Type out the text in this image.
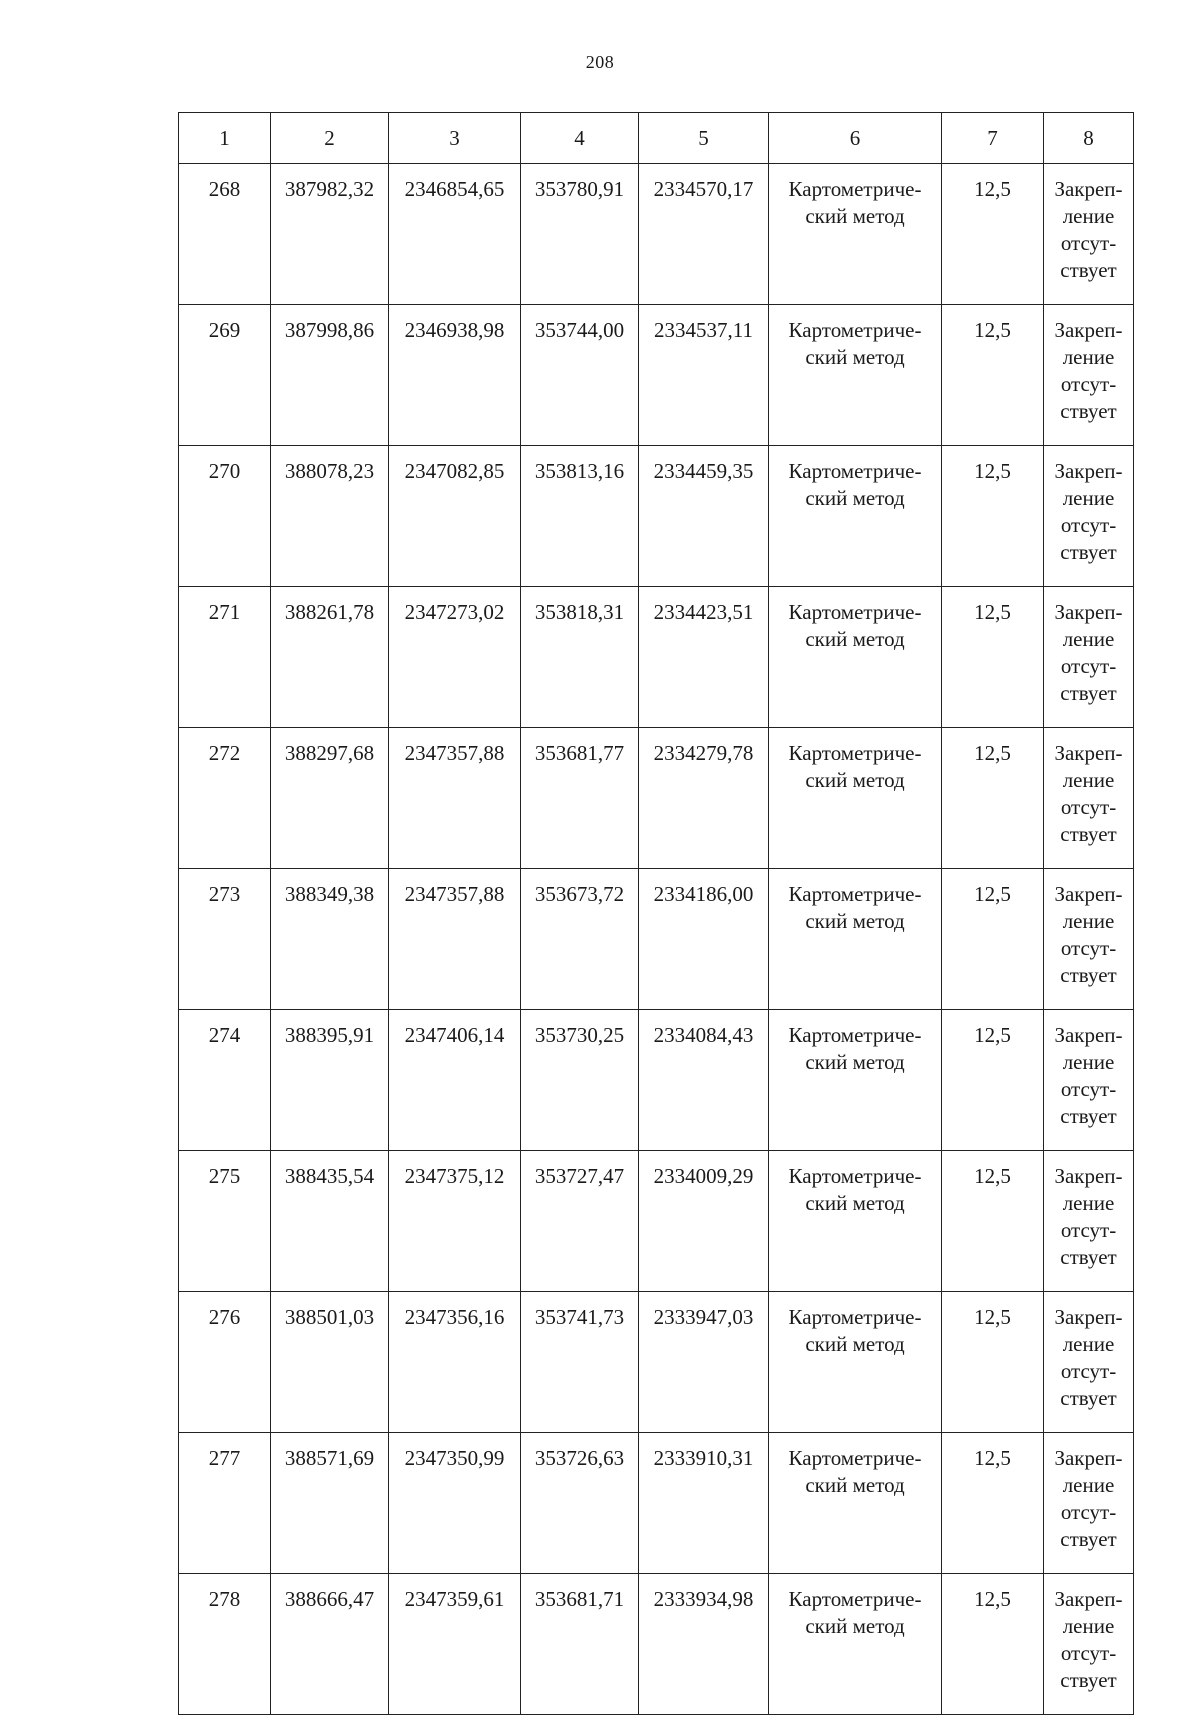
208
1	2	3	4	5	6	7	8
268	387982,32	2346854,65	353780,91	2334570,17	Картометриче-
ский метод	12,5	Закреп-
ление
отсут-
ствует

269	387998,86	2346938,98	353744,00	2334537,11	Картометриче-
ский метод	12,5	Закреп-
ление
отсут-
ствует

270	388078,23	2347082,85	353813,16	2334459,35	Картометриче-
ский метод	12,5	Закреп-
ление
отсут-
ствует

271	388261,78	2347273,02	353818,31	2334423,51	Картометриче-
ский метод	12,5	Закреп-
ление
отсут-
ствует

272	388297,68	2347357,88	353681,77	2334279,78	Картометриче-
ский метод	12,5	Закреп-
ление
отсут-
ствует

273	388349,38	2347357,88	353673,72	2334186,00	Картометриче-
ский метод	12,5	Закреп-
ление
отсут-
ствует

274	388395,91	2347406,14	353730,25	2334084,43	Картометриче-
ский метод	12,5	Закреп-
ление
отсут-
ствует

275	388435,54	2347375,12	353727,47	2334009,29	Картометриче-
ский метод	12,5	Закреп-
ление
отсут-
ствует

276	388501,03	2347356,16	353741,73	2333947,03	Картометриче-
ский метод	12,5	Закреп-
ление
отсут-
ствует

277	388571,69	2347350,99	353726,63	2333910,31	Картометриче-
ский метод	12,5	Закреп-
ление
отсут-
ствует

278	388666,47	2347359,61	353681,71	2333934,98	Картометриче-
ский метод	12,5	Закреп-
ление
отсут-
ствует
